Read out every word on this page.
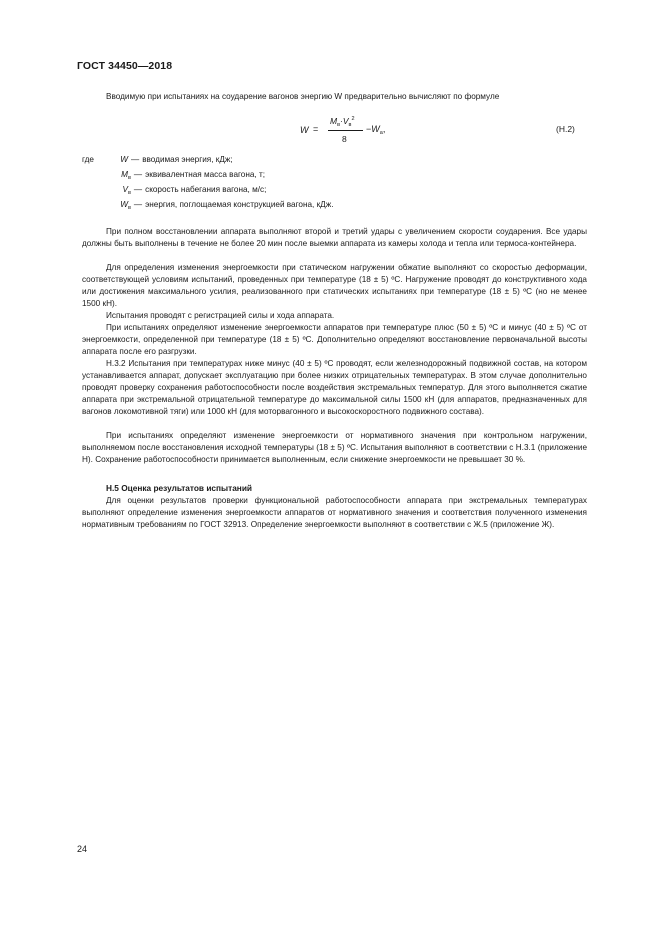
ГОСТ 34450—2018

Вводимую при испытаниях на соударение вагонов энергию W предварительно вычисляют по формуле

W =
$M_в\cdot V_в^2$
8
$-W_а$,	(Н.2)
где	W — вводимая энергия, кДж;
$M_в$ — эквивалентная масса вагона, т;
$V_в$ — скорость набегания вагона, м/с;
$W_в$ — энергия, поглощаемая конструкцией вагона, кДж.

При полном восстановлении аппарата выполняют второй и третий удары с увеличением скорости соударения. Все удары должны быть выполнены в течение не более 20 мин после выемки аппарата из камеры холода и тепла или термоса-контейнера.

Для определения изменения энергоемкости при статическом нагружении обжатие выполняют со скоростью деформации, соответствующей условиям испытаний, проведенных при температуре (18 ± 5) ºС. Нагружение проводят до конструктивного хода или достижения максимального усилия, реализованного при статических испытаниях при температуре (18 ± 5) ºС (но не менее 1500 кН).

Испытания проводят с регистрацией силы и хода аппарата.

При испытаниях определяют изменение энергоемкости аппаратов при температуре плюс (50 ± 5) ºС и минус (40 ± 5) ºС от энергоемкости, определенной при температуре (18 ± 5) ºС. Дополнительно определяют восстановление первоначальной высоты аппарата после его разгрузки.

Н.3.2 Испытания при температурах ниже минус (40 ± 5) ºС проводят, если железнодорожный подвижной состав, на котором устанавливается аппарат, допускает эксплуатацию при более низких отрицательных температурах. В этом случае дополнительно проводят проверку сохранения работоспособности после воздействия экстремальных температур. Для этого выполняется сжатие аппарата при экстремальной отрицательной температуре до максимальной силы 1500 кН (для аппаратов, предназначенных для вагонов локомотивной тяги) или 1000 кН (для моторвагонного и высокоскоростного подвижного состава).

При испытаниях определяют изменение энергоемкости от нормативного значения при контрольном нагружении, выполняемом после восстановления исходной температуры (18 ± 5) ºС. Испытания выполняют в соответствии с Н.3.1 (приложение Н). Сохранение работоспособности принимается выполненным, если снижение энергоемкости не превышает 30 %.

Н.5 Оценка результатов испытаний

Для оценки результатов проверки функциональной работоспособности аппарата при экстремальных температурах выполняют определение изменения энергоемкости аппаратов от нормативного значения и соответствия полученного изменения нормативным требованиям по ГОСТ 32913. Определение энергоемкости выполняют в соответствии с Ж.5 (приложение Ж).

24
